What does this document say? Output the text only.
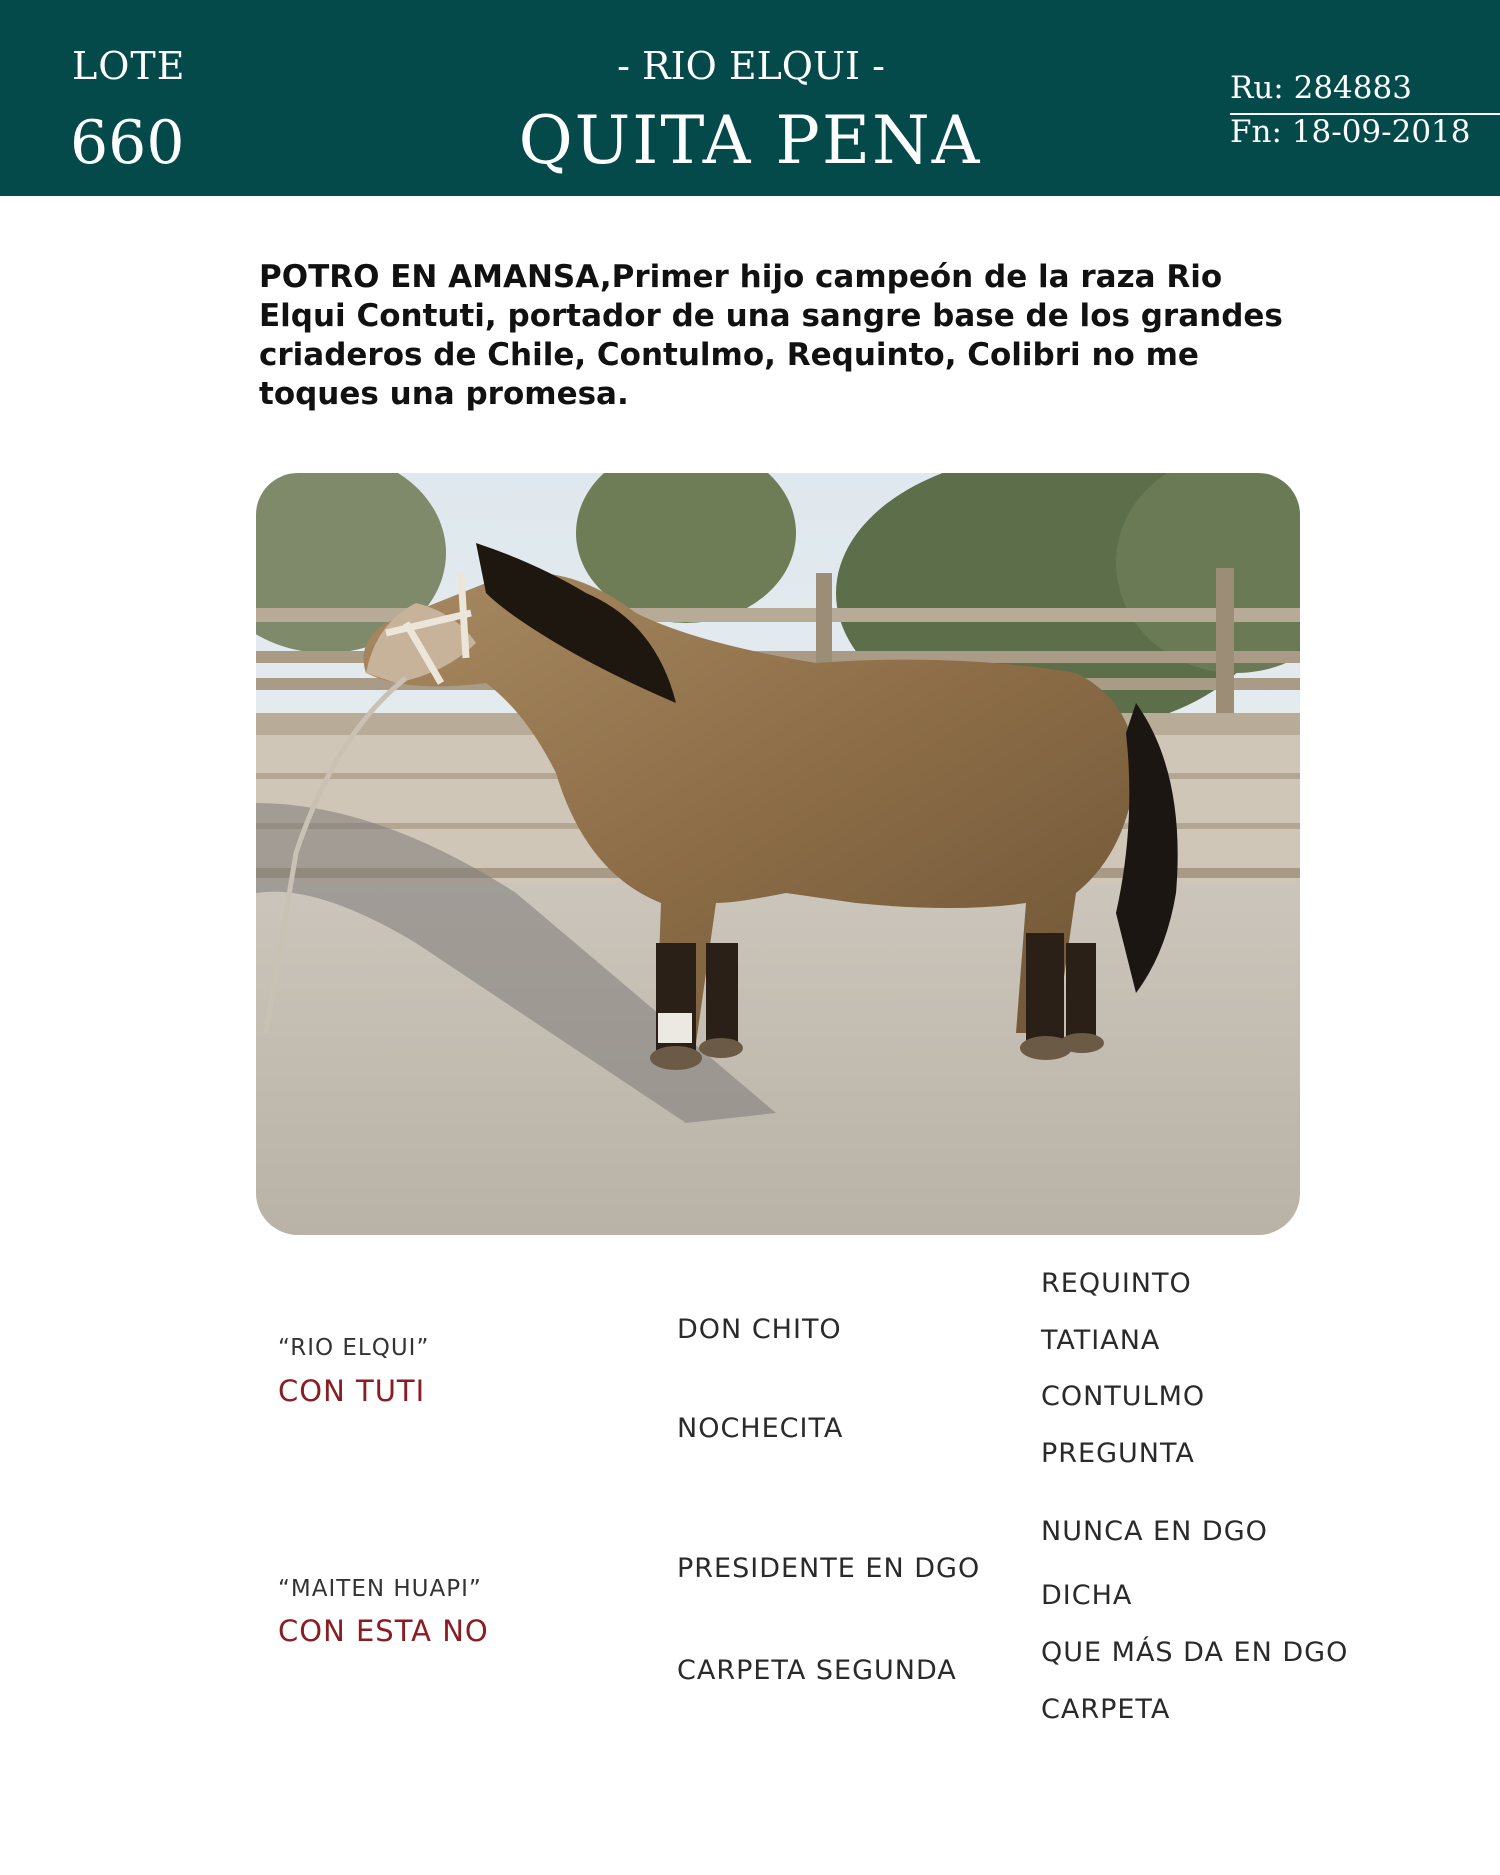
LOTE
660
- RIO ELQUI -
QUITA PENA
Ru: 284883
Fn: 18-09-2018
POTRO EN AMANSA,Primer hijo campeón de la raza Rio Elqui Contuti, portador de una sangre base de los grandes criaderos de Chile, Contulmo, Requinto, Colibri no me toques una promesa.
“RIO ELQUI”
CON TUTI
“MAITEN HUAPI”
CON ESTA NO
DON CHITO
NOCHECITA
PRESIDENTE EN DGO
CARPETA SEGUNDA
REQUINTO
TATIANA
CONTULMO
PREGUNTA
NUNCA EN DGO
DICHA
QUE MÁS DA EN DGO
CARPETA
